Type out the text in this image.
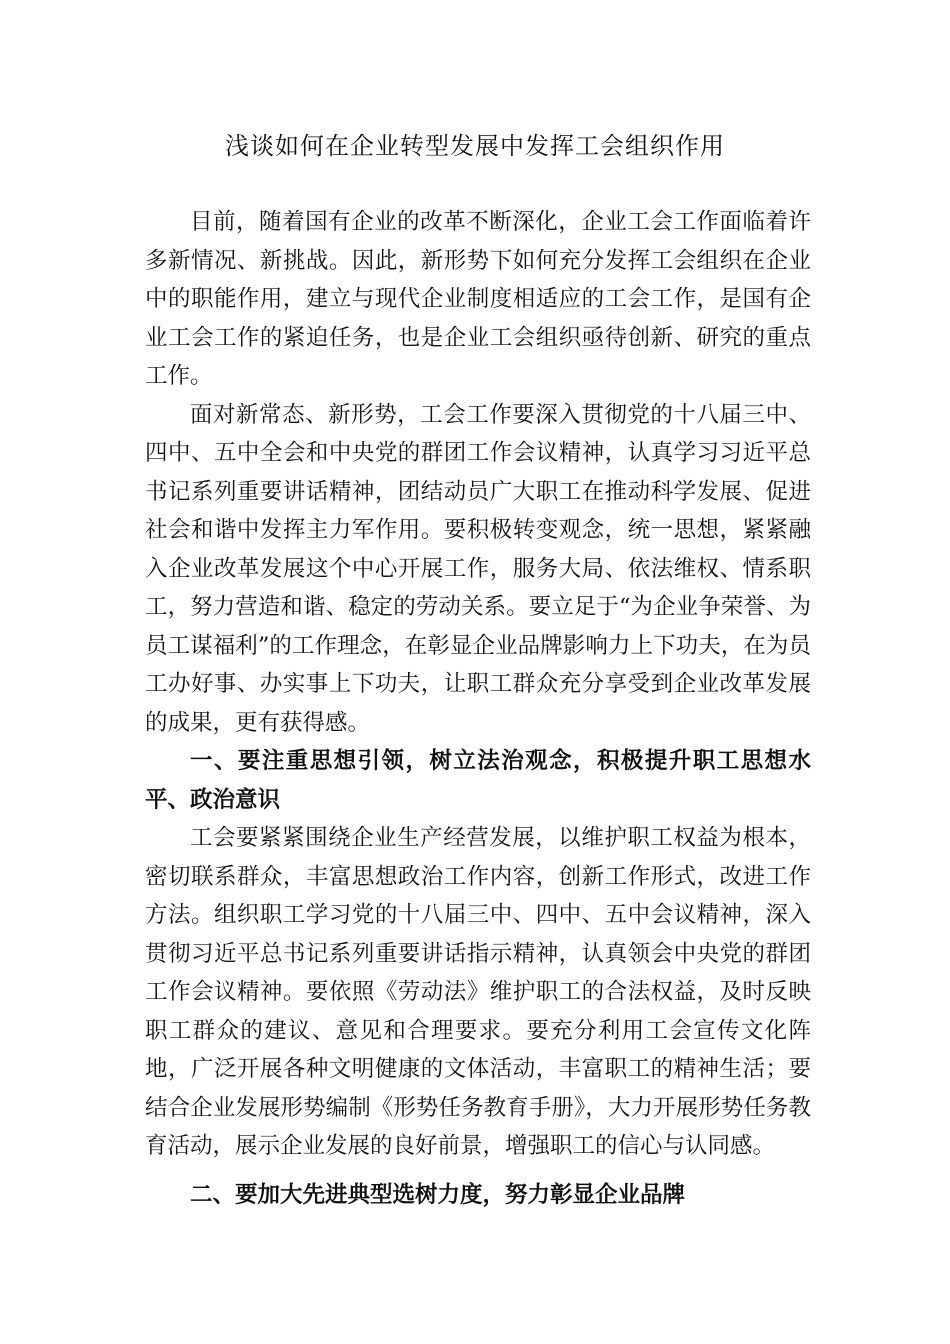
浅谈如何在企业转型发展中发挥工会组织作用

目前，随着国有企业的改革不断深化，企业工会工作面临着许多新情况、新挑战。因此，新形势下如何充分发挥工会组织在企业中的职能作用，建立与现代企业制度相适应的工会工作，是国有企业工会工作的紧迫任务，也是企业工会组织亟待创新、研究的重点工作。

面对新常态、新形势，工会工作要深入贯彻党的十八届三中、四中、五中全会和中央党的群团工作会议精神，认真学习习近平总书记系列重要讲话精神，团结动员广大职工在推动科学发展、促进社会和谐中发挥主力军作用。要积极转变观念，统一思想，紧紧融入企业改革发展这个中心开展工作，服务大局、依法维权、情系职工，努力营造和谐、稳定的劳动关系。要立足于“为企业争荣誉、为员工谋福利”的工作理念，在彰显企业品牌影响力上下功夫，在为员工办好事、办实事上下功夫，让职工群众充分享受到企业改革发展的成果，更有获得感。

一、要注重思想引领，树立法治观念，积极提升职工思想水平、政治意识

工会要紧紧围绕企业生产经营发展，以维护职工权益为根本，密切联系群众，丰富思想政治工作内容，创新工作形式，改进工作方法。组织职工学习党的十八届三中、四中、五中会议精神，深入贯彻习近平总书记系列重要讲话指示精神，认真领会中央党的群团工作会议精神。要依照《劳动法》维护职工的合法权益，及时反映职工群众的建议、意见和合理要求。要充分利用工会宣传文化阵地，广泛开展各种文明健康的文体活动，丰富职工的精神生活；要结合企业发展形势编制《形势任务教育手册》，大力开展形势任务教育活动，展示企业发展的良好前景，增强职工的信心与认同感。

二、要加大先进典型选树力度，努力彰显企业品牌
